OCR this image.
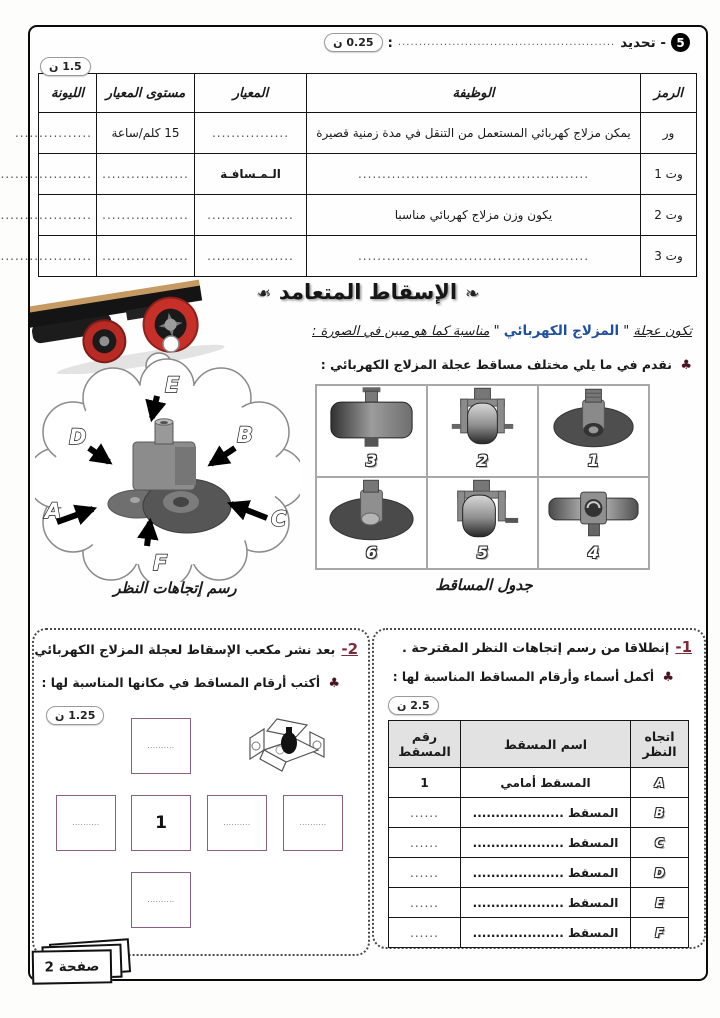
5
- تحديد
....................................................
:
0.25 ن
1.5 ن
الرمز	الوظيفة	المعيار	مستوى المعيار	الليونة
ور	يمكن مزلاج كهربائي المستعمل من التنقل في مدة زمنية قصيرة	................	15 كلم/ساعة	................
وت 1	................................................	الـمـسافـة	..................	...................
وت 2	يكون وزن مزلاج كهربائي مناسبا	..................	..................	...................
وت 3	................................................	..................	..................	...................
❧الإسقاط المتعامد❧
تكون عجلة " المزلاج الكهربائي " مناسبة كما هو مبين في الصورة :
♣ نقدم في ما يلي مختلف مساقط عجلة المزلاج الكهربائي :
E
D	B
A	C
F
رسم إتجاهات النظر
1	2	3

4	5	6
جدول المساقط
1-
إنطلاقا من رسم إتجاهات النظر المقترحة .
♣ أكمل أسماء وأرقام المساقط المناسبة لها :
2.5 ن
اتجاه النظر	اسم المسقط	رقم المسقط
A	المسقط أمامي	1
B	المسقط ....................	......
C	المسقط ....................	......
D	المسقط ....................	......
E	المسقط ....................	......
F	المسقط ....................	......
2-
بعد نشر مكعب الإسقاط لعجلة المزلاج الكهربائي
♣ أكتب أرقام المساقط في مكانها المناسبة لها :
1.25 ن
..........
..........	1	..........	..........
..........
صفحة 2
